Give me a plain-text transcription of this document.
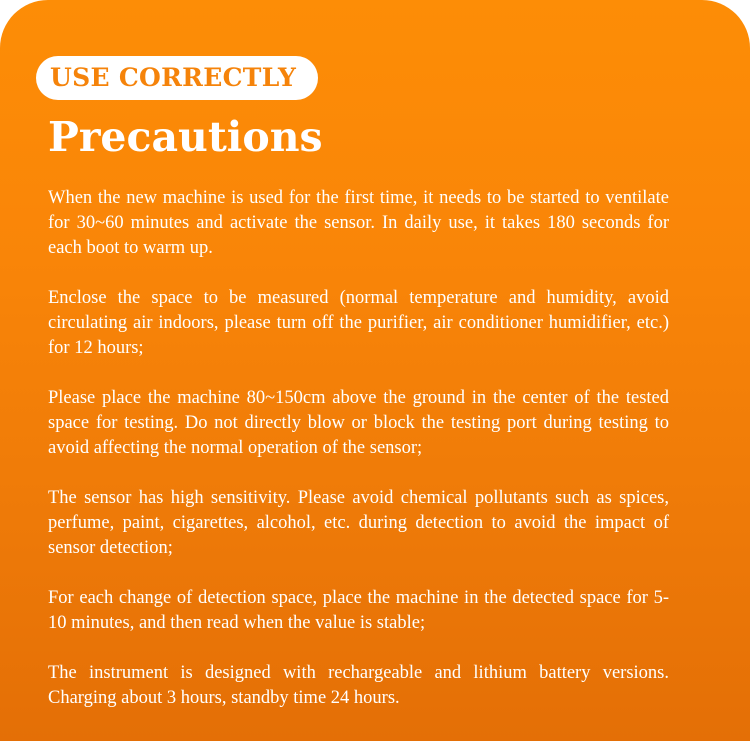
USE CORRECTLY
Precautions

When the new machine is used for the first time, it needs to be started to ventilate for 30~60 minutes and activate the sensor. In daily use, it takes 180 seconds for each boot to warm up.

Enclose the space to be measured (normal temperature and humidity, avoid circulating air indoors, please turn off the purifier, air conditioner humidifier, etc.) for 12 hours;

Please place the machine 80~150cm above the ground in the center of the tested space for testing. Do not directly blow or block the testing port during testing to avoid affecting the normal operation of the sensor;

The sensor has high sensitivity. Please avoid chemical pollutants such as spices, perfume, paint, cigarettes, alcohol, etc. during detection to avoid the impact of sensor detection;

For each change of detection space, place the machine in the detected space for 5-10 minutes, and then read when the value is stable;

The instrument is designed with rechargeable and lithium battery versions. Charging about 3 hours, standby time 24 hours.
